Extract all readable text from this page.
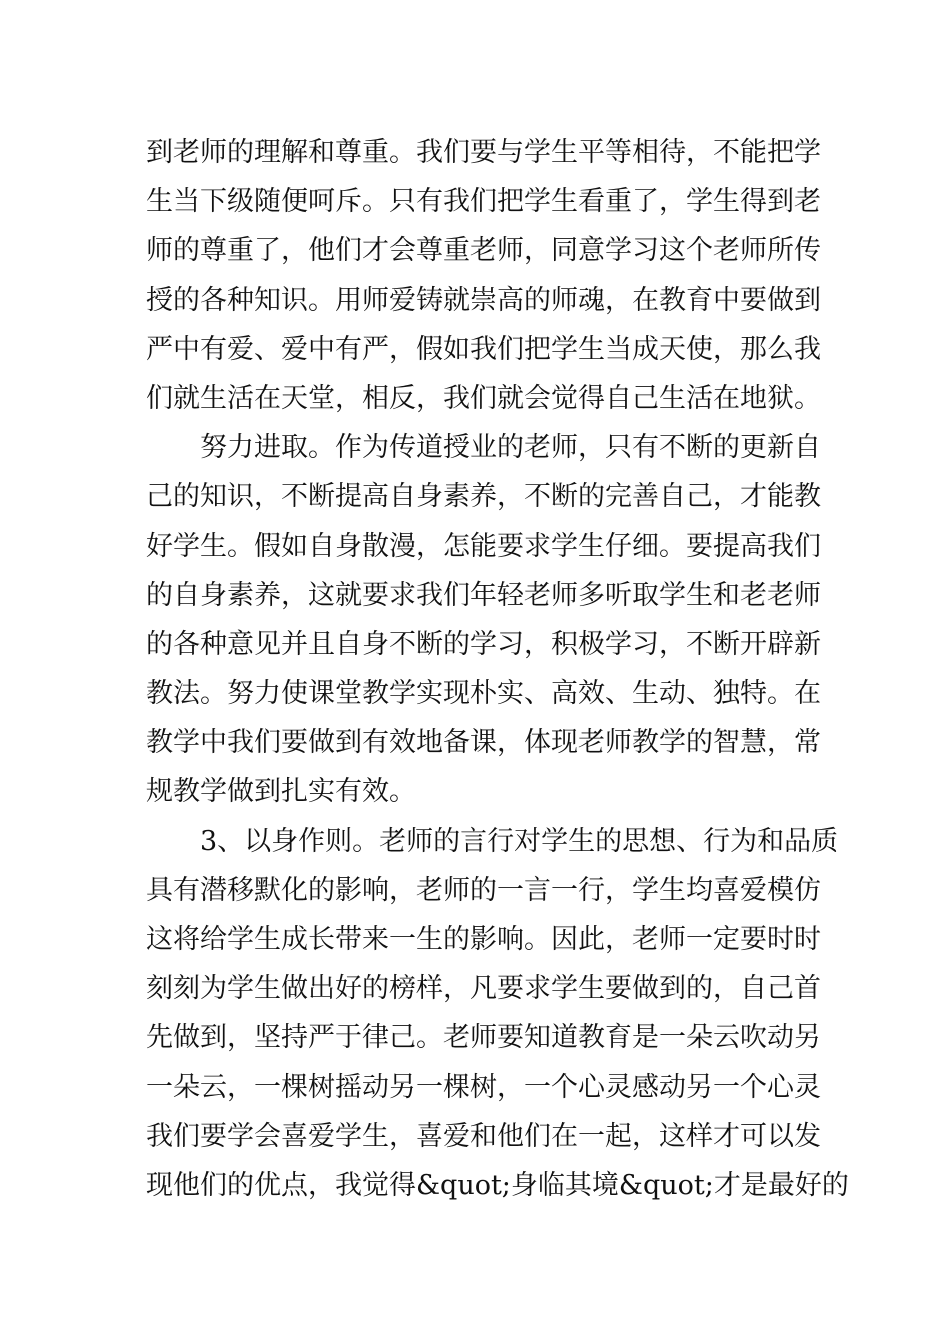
到老师的理解和尊重。我们要与学生平等相待，不能把学
生当下级随便呵斥。只有我们把学生看重了，学生得到老
师的尊重了，他们才会尊重老师，同意学习这个老师所传
授的各种知识。用师爱铸就崇高的师魂，在教育中要做到
严中有爱、爱中有严，假如我们把学生当成天使，那么我
们就生活在天堂，相反，我们就会觉得自己生活在地狱。
　　努力进取。作为传道授业的老师，只有不断的更新自
己的知识，不断提高自身素养，不断的完善自己，才能教
好学生。假如自身散漫，怎能要求学生仔细。要提高我们
的自身素养，这就要求我们年轻老师多听取学生和老老师
的各种意见并且自身不断的学习，积极学习，不断开辟新
教法。努力使课堂教学实现朴实、高效、生动、独特。在
教学中我们要做到有效地备课，体现老师教学的智慧，常
规教学做到扎实有效。
　　3、以身作则。老师的言行对学生的思想、行为和品质
具有潜移默化的影响，老师的一言一行，学生均喜爱模仿
这将给学生成长带来一生的影响。因此，老师一定要时时
刻刻为学生做出好的榜样，凡要求学生要做到的，自己首
先做到，坚持严于律己。老师要知道教育是一朵云吹动另
一朵云，一棵树摇动另一棵树，一个心灵感动另一个心灵
我们要学会喜爱学生，喜爱和他们在一起，这样才可以发
现他们的优点，我觉得&quot;身临其境&quot;才是最好的
